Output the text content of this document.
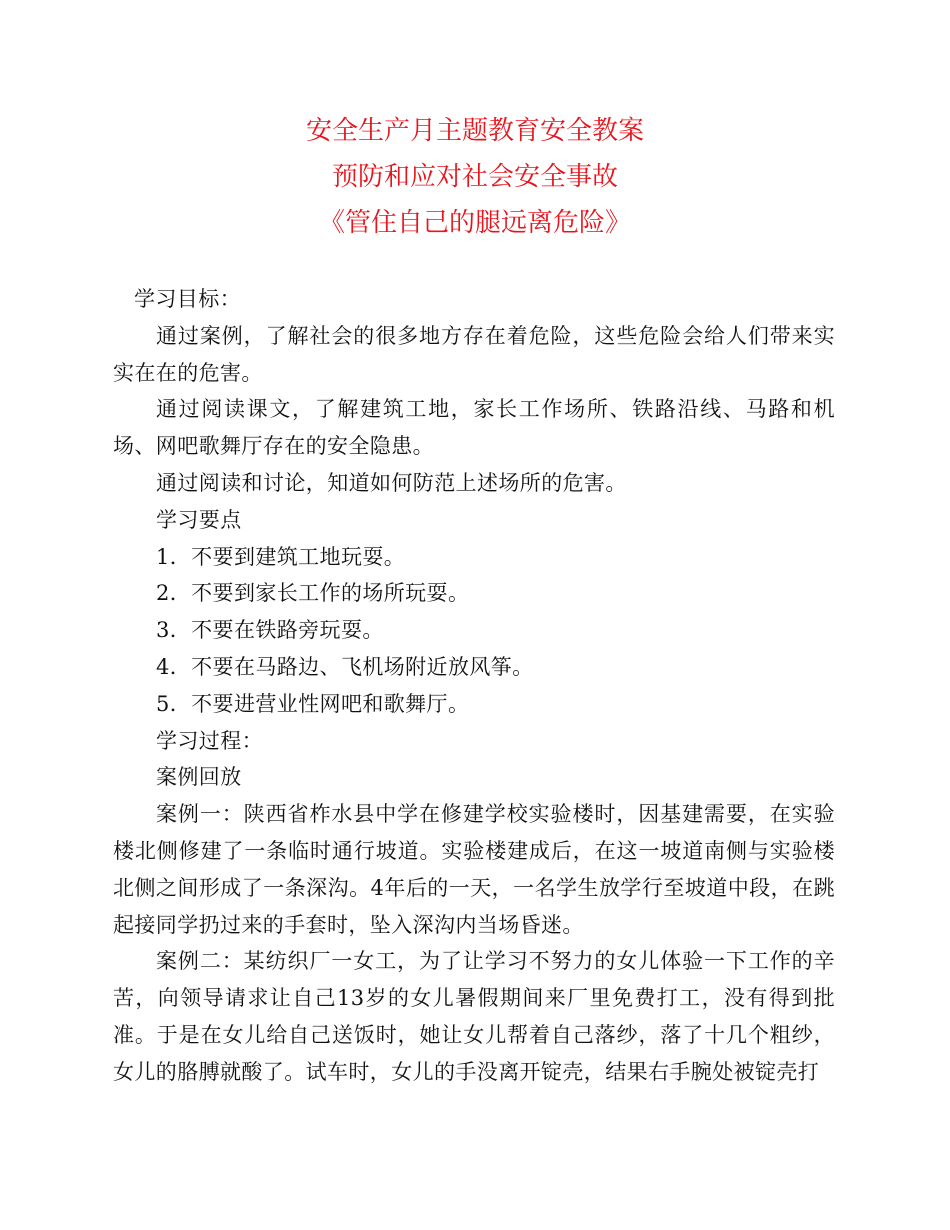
安全生产月主题教育安全教案
预防和应对社会安全事故
《管住自己的腿远离危险》

学习目标：

通过案例，了解社会的很多地方存在着危险，这些危险会给人们带来实实在在的危害。

通过阅读课文，了解建筑工地，家长工作场所、铁路沿线、马路和机场、网吧歌舞厅存在的安全隐患。

通过阅读和讨论，知道如何防范上述场所的危害。

学习要点

1．不要到建筑工地玩耍。

2．不要到家长工作的场所玩耍。

3．不要在铁路旁玩耍。

4．不要在马路边、飞机场附近放风筝。

5．不要进营业性网吧和歌舞厅。

学习过程：

案例回放

案例一：陕西省柞水县中学在修建学校实验楼时，因基建需要，在实验楼北侧修建了一条临时通行坡道。实验楼建成后，在这一坡道南侧与实验楼北侧之间形成了一条深沟。4年后的一天，一名学生放学行至坡道中段，在跳起接同学扔过来的手套时，坠入深沟内当场昏迷。

案例二：某纺织厂一女工，为了让学习不努力的女儿体验一下工作的辛苦，向领导请求让自己13岁的女儿暑假期间来厂里免费打工，没有得到批准。于是在女儿给自己送饭时，她让女儿帮着自己落纱，落了十几个粗纱，女儿的胳膊就酸了。试车时，女儿的手没离开锭壳，结果右手腕处被锭壳打
